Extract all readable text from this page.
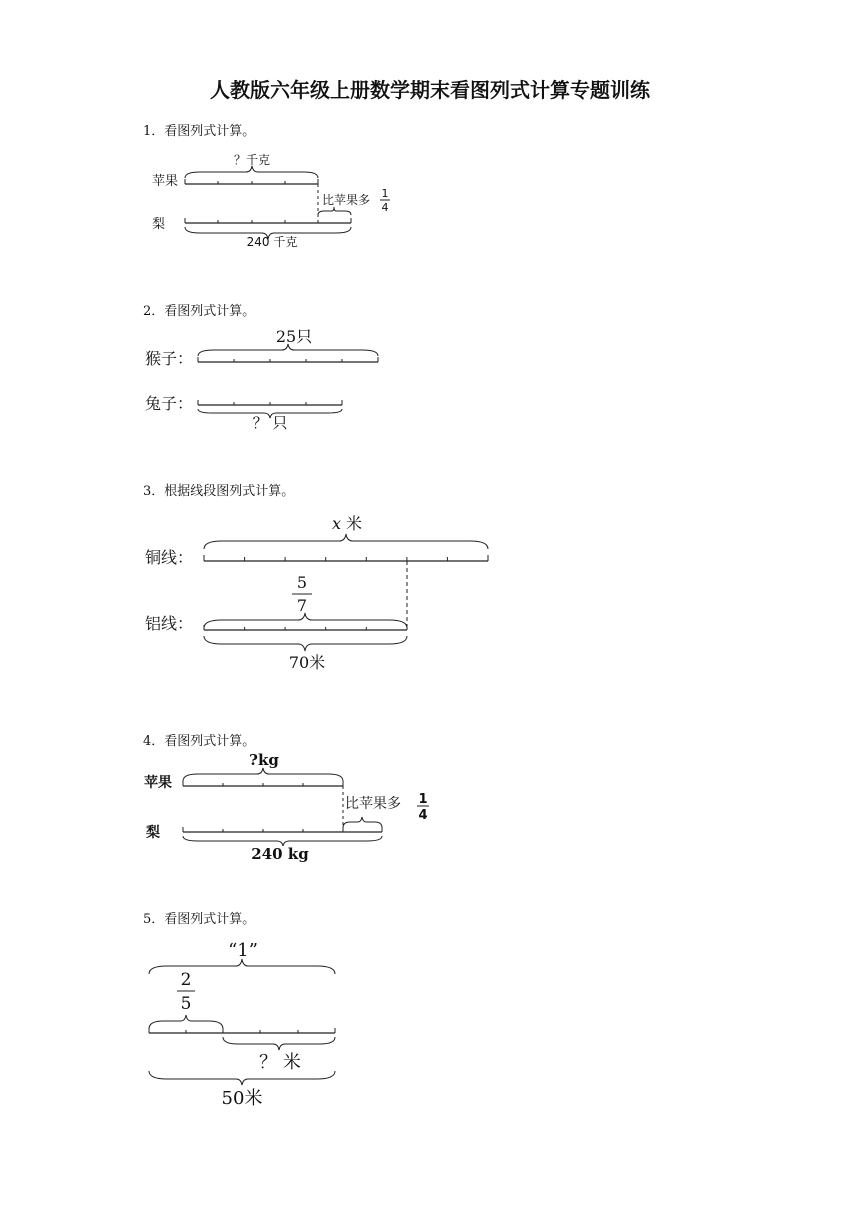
人教版六年级上册数学期末看图列式计算专题训练
1．看图列式计算。
苹果
梨
？千克
240 千克
比苹果多 1
4
2．看图列式计算。
猴子：
兔子：
25只
？ 只
3．根据线段图列式计算。
x 米
铜线：
5
7
铝线：
70米
4．看图列式计算。
苹果
梨
?kg
比苹果多 1
4
240 kg
5．看图列式计算。
“1”
2
5
？ 米
50米
